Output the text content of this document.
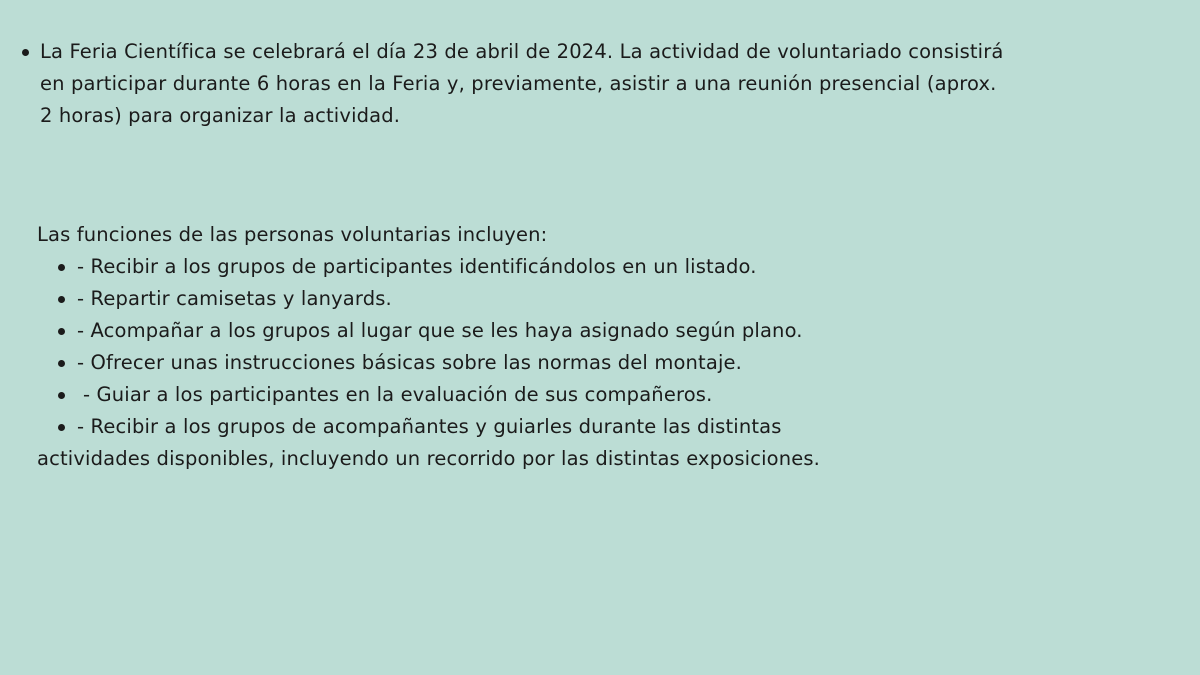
La Feria Científica se celebrará el día 23 de abril de 2024. La actividad de voluntariado consistirá
en participar durante 6 horas en la Feria y, previamente, asistir a una reunión presencial (aprox.
2 horas) para organizar la actividad.
Las funciones de las personas voluntarias incluyen:
- Recibir a los grupos de participantes identificándolos en un listado.
- Repartir camisetas y lanyards.
- Acompañar a los grupos al lugar que se les haya asignado según plano.
- Ofrecer unas instrucciones básicas sobre las normas del montaje.
- Guiar a los participantes en la evaluación de sus compañeros.
- Recibir a los grupos de acompañantes y guiarles durante las distintas
actividades disponibles, incluyendo un recorrido por las distintas exposiciones.
